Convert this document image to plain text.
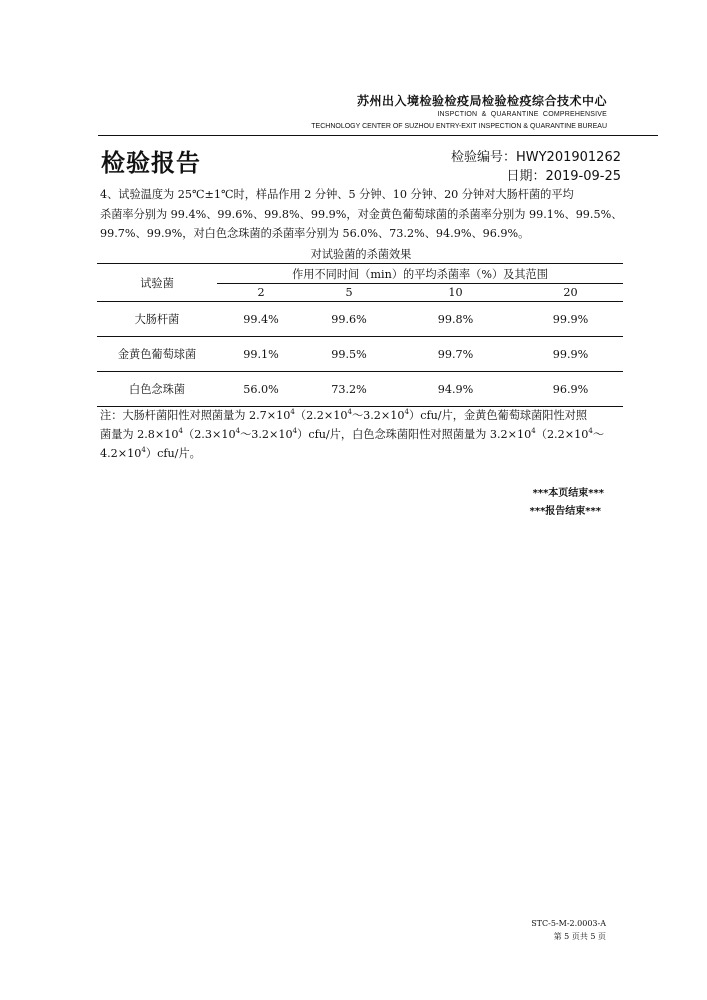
苏州出入境检验检疫局检验检疫综合技术中心
INSPCTION  &  QUARANTINE  COMPREHENSIVE
TECHNOLOGY CENTER OF SUZHOU ENTRY-EXIT INSPECTION & QUARANTINE BUREAU
检验报告	检验编号：HWY201901262
日期：2019-09-25
4、试验温度为 25℃±1℃时，样品作用 2 分钟、5 分钟、10 分钟、20 分钟对大肠杆菌的平均
杀菌率分别为 99.4%、99.6%、99.8%、99.9%，对金黄色葡萄球菌的杀菌率分别为 99.1%、99.5%、
99.7%、99.9%，对白色念珠菌的杀菌率分别为 56.0%、73.2%、94.9%、96.9%。
对试验菌的杀菌效果
试验菌	作用不同时间（min）的平均杀菌率（%）及其范围			
	2	5	10	20
大肠杆菌	99.4%	99.6%	99.8%	99.9%
金黄色葡萄球菌	99.1%	99.5%	99.7%	99.9%
白色念珠菌	56.0%	73.2%	94.9%	96.9%
注：大肠杆菌阳性对照菌量为 $2.7\times 10^4(2.2\times 10^4\sim 3.2\times 10^4)cfu/$片，金黄色葡萄球菌阳性对照
菌量为 $2.8\times 10^4(2.3\times 10^4\sim 3.2\times 10^4)cfu/$片，白色念珠菌阳性对照菌量为 $3.2\times 10^4(2.2\times 10^4\sim$
$4.2\times 10^4)cfu/$片。
***本页结束***
***报告结束***
STC-5-M-2.0003-A
第 5 页共 5 页
